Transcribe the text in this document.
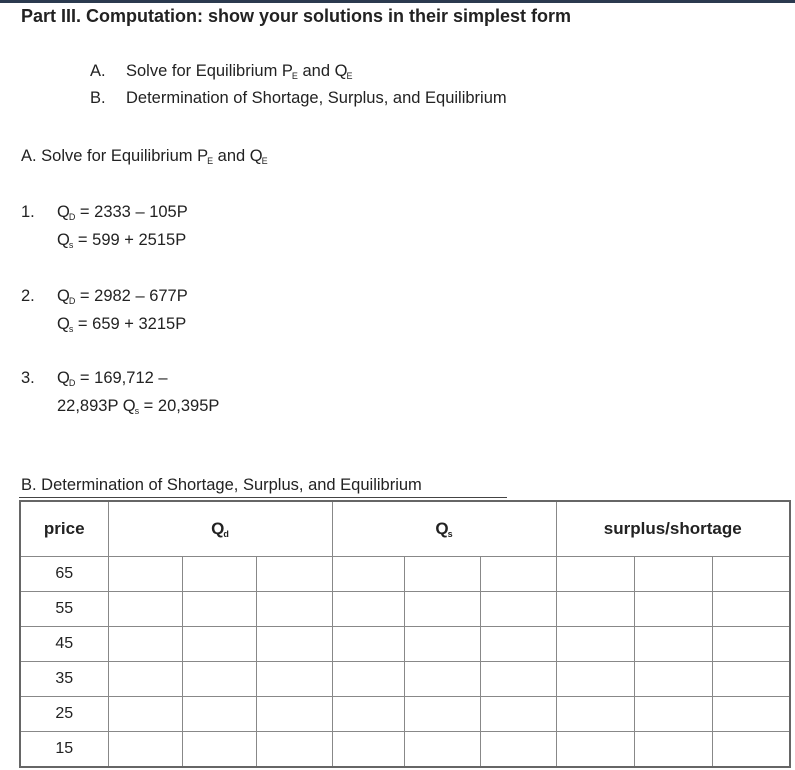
Part III. Computation: show your solutions in their simplest form
A. Solve for Equilibrium $P_E$ and $Q_E$
B. Determination of Shortage, Surplus, and Equilibrium
A. Solve for Equilibrium $P_E$ and $Q_E$
1. $Q_D = 2333 - 105P$
$Q_s = 599 + 2515P$
2. $Q_D = 2982 - 677P$
$Q_s = 659 + 3215P$
3. $Q_D = 169,712$ –
22,893P $Q_s = 20,395P$
B. Determination of Shortage, Surplus, and Equilibrium
price	$Q_d$			$Q_s$			surplus/shortage		
65									
55									
45									
35									
25									
15									
